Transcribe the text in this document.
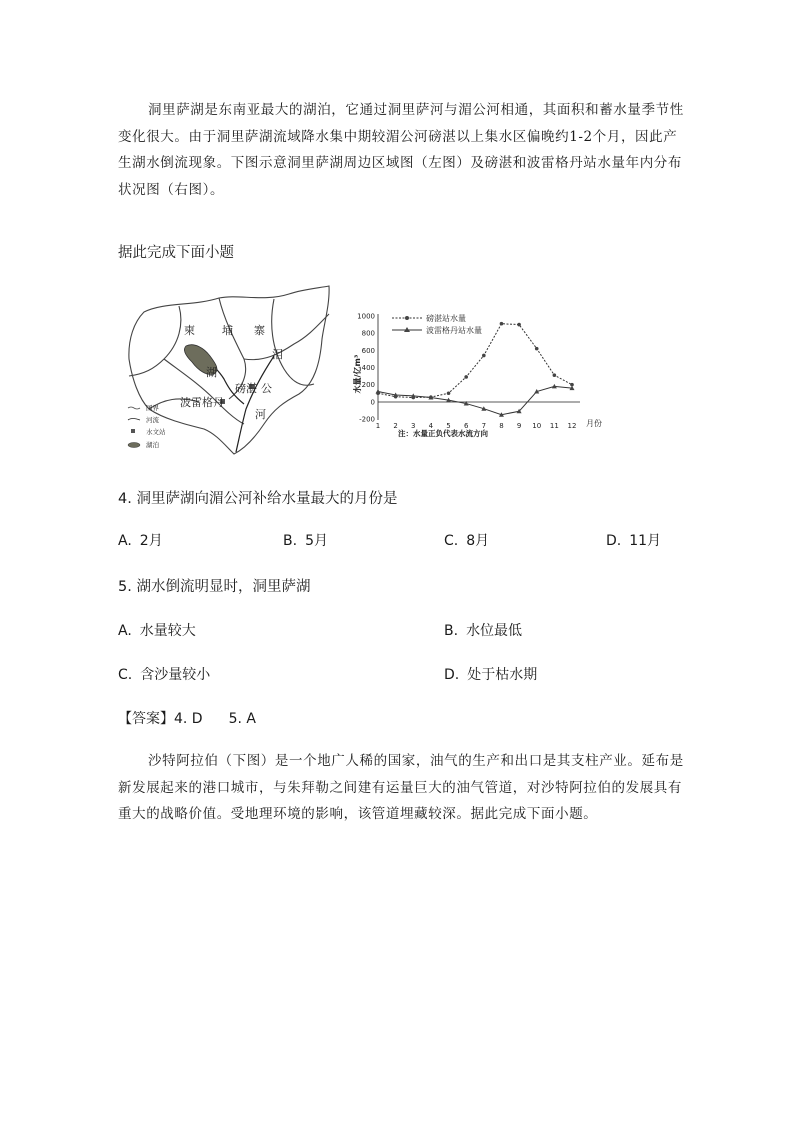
洞里萨湖是东南亚最大的湖泊，它通过洞里萨河与湄公河相通，其面积和蓄水量季节性变化很大。由于洞里萨湖流域降水集中期较湄公河磅湛以上集水区偏晚约1-2个月，因此产生湖水倒流现象。下图示意洞里萨湖周边区域图（左图）及磅湛和波雷格丹站水量年内分布状况图（右图）。

据此完成下面小题

柬 埔 寨
泪
湖
磅湛 公
河
波雷格丹
国界
河流
水文站
湖泊
水量/亿m³
月份
注：水量正负代表水流方向
1000
800
600
400
200
0
-200
1 2 3 4 5 6 7 8 9 10 11 12
磅湛站水量
波雷格丹站水量

4. 洞里萨湖向湄公河补给水量最大的月份是

A. 2月	B. 5月	C. 8月	D. 11月

5. 湖水倒流明显时，洞里萨湖

A. 水量较大	B. 水位最低
C. 含沙量较小	D. 处于枯水期
【答案】4. D 5. A

沙特阿拉伯（下图）是一个地广人稀的国家，油气的生产和出口是其支柱产业。延布是新发展起来的港口城市，与朱拜勒之间建有运量巨大的油气管道，对沙特阿拉伯的发展具有重大的战略价值。受地理环境的影响，该管道埋藏较深。据此完成下面小题。
